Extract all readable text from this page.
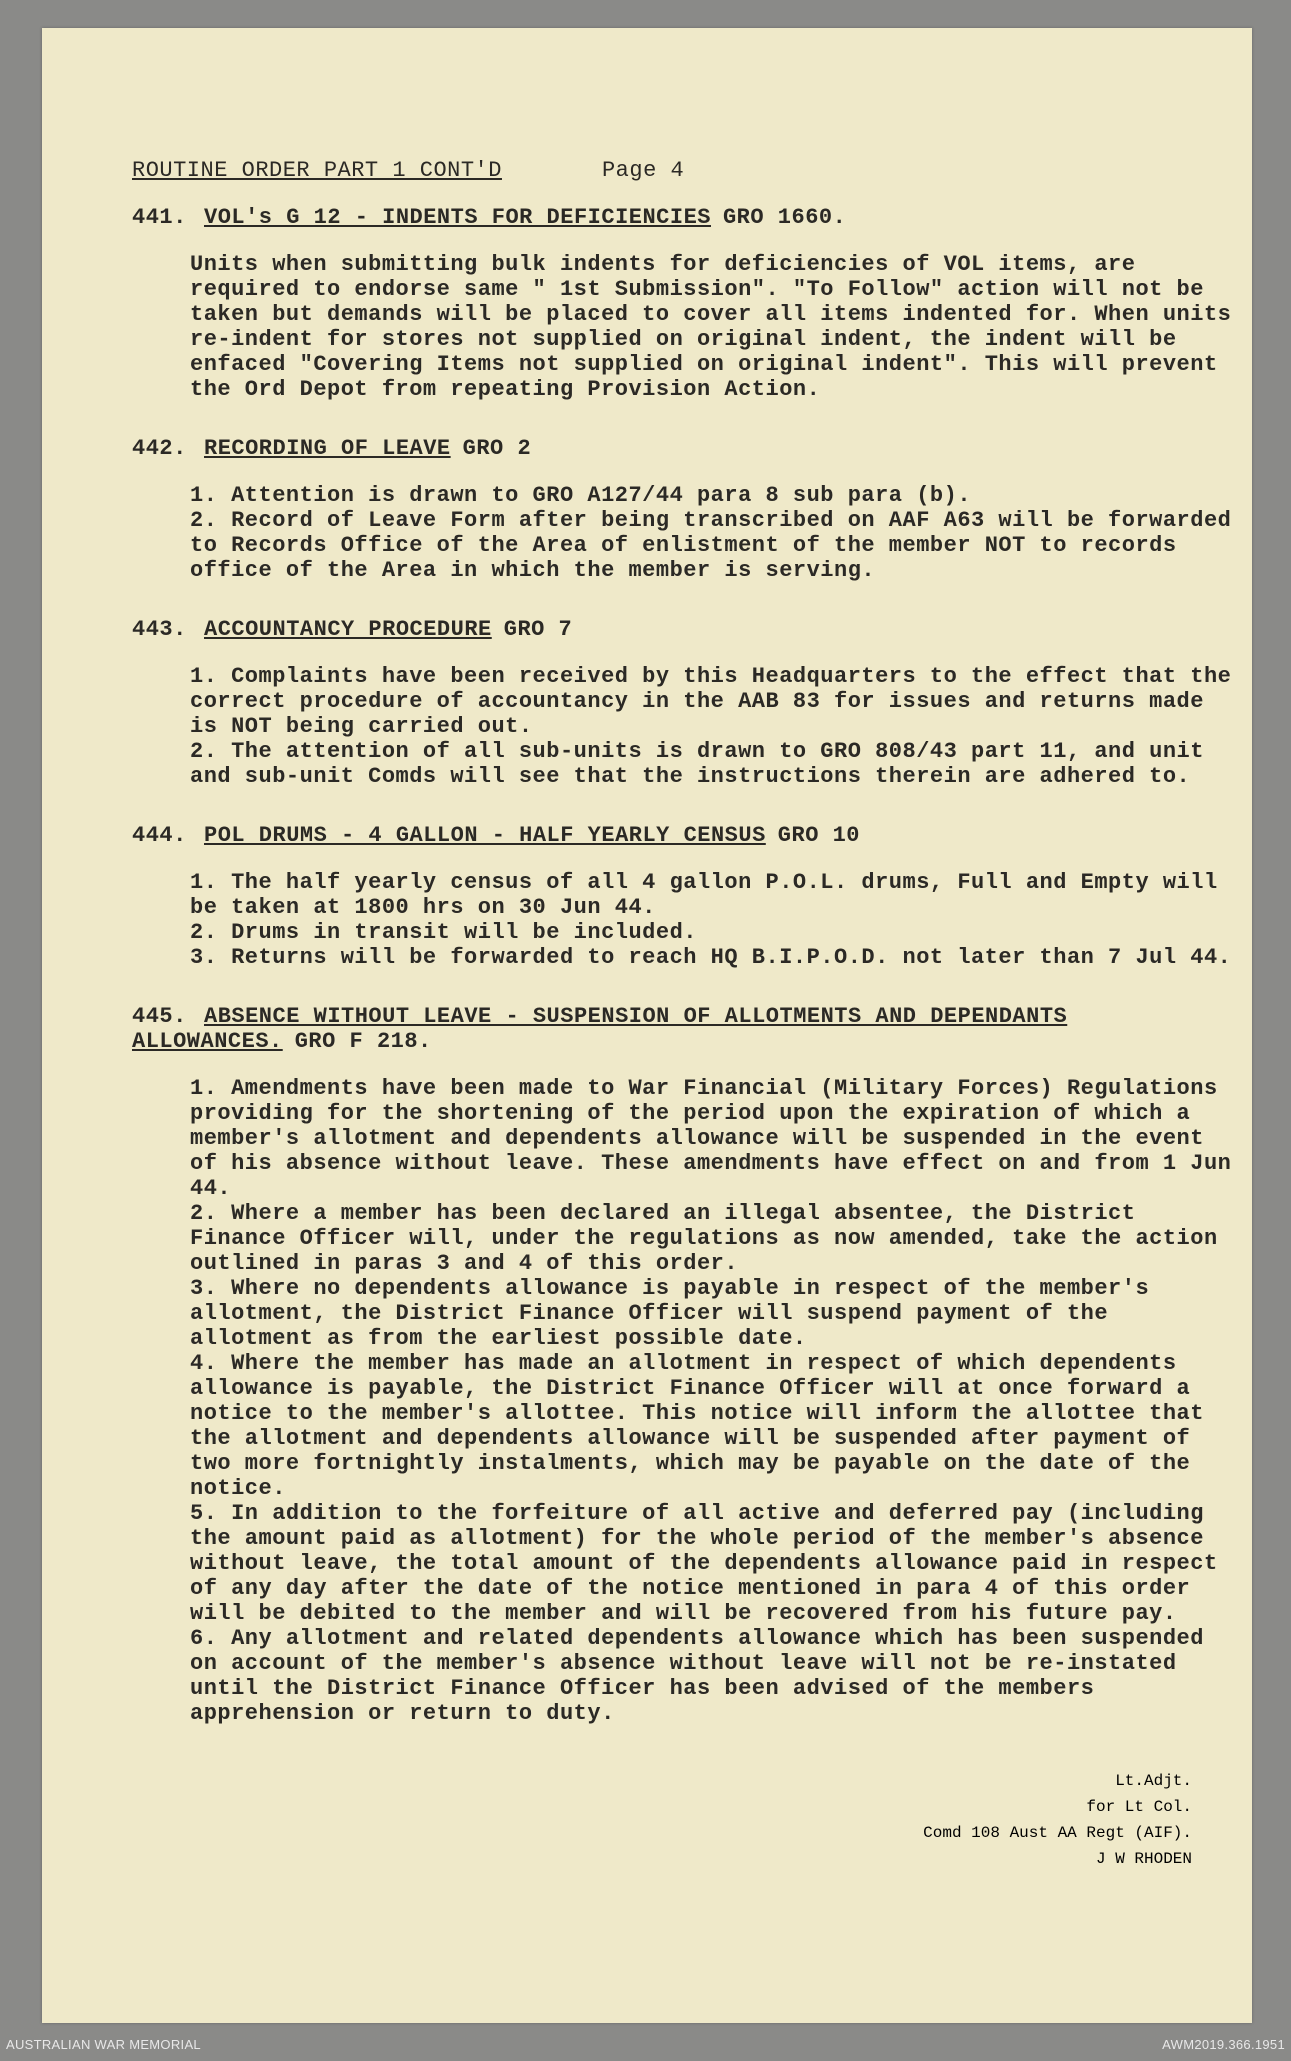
ROUTINE ORDER PART 1 CONT'D	Page 4
441. VOL's G 12 - INDENTS FOR DEFICIENCIES GRO 1660.

Units when submitting bulk indents for deficiencies of VOL items, are required to endorse same " 1st Submission". "To Follow" action will not be taken but demands will be placed to cover all items indented for. When units re-indent for stores not supplied on original indent, the indent will be enfaced "Covering Items not supplied on original indent". This will prevent the Ord Depot from repeating Provision Action.

442. RECORDING OF LEAVE GRO 2

1. Attention is drawn to GRO A127/44 para 8 sub para (b).

2. Record of Leave Form after being transcribed on AAF A63 will be forwarded to Records Office of the Area of enlistment of the member NOT to records office of the Area in which the member is serving.

443. ACCOUNTANCY PROCEDURE GRO 7

1. Complaints have been received by this Headquarters to the effect that the correct procedure of accountancy in the AAB 83 for issues and returns made is NOT being carried out.

2. The attention of all sub-units is drawn to GRO 808/43 part 11, and unit and sub-unit Comds will see that the instructions therein are adhered to.

444. POL DRUMS - 4 GALLON - HALF YEARLY CENSUS GRO 10

1. The half yearly census of all 4 gallon P.O.L. drums, Full and Empty will be taken at 1800 hrs on 30 Jun 44.

2. Drums in transit will be included.

3. Returns will be forwarded to reach HQ B.I.P.O.D. not later than 7 Jul 44.

445. ABSENCE WITHOUT LEAVE - SUSPENSION OF ALLOTMENTS AND DEPENDANTS ALLOWANCES. GRO F 218.

1. Amendments have been made to War Financial (Military Forces) Regulations providing for the shortening of the period upon the expiration of which a member's allotment and dependents allowance will be suspended in the event of his absence without leave. These amendments have effect on and from 1 Jun 44.

2. Where a member has been declared an illegal absentee, the District Finance Officer will, under the regulations as now amended, take the action outlined in paras 3 and 4 of this order.

3. Where no dependents allowance is payable in respect of the member's allotment, the District Finance Officer will suspend payment of the allotment as from the earliest possible date.

4. Where the member has made an allotment in respect of which dependents allowance is payable, the District Finance Officer will at once forward a notice to the member's allottee. This notice will inform the allottee that the allotment and dependents allowance will be suspended after payment of two more fortnightly instalments, which may be payable on the date of the notice.

5. In addition to the forfeiture of all active and deferred pay (including the amount paid as allotment) for the whole period of the member's absence without leave, the total amount of the dependents allowance paid in respect of any day after the date of the notice mentioned in para 4 of this order will be debited to the member and will be recovered from his future pay.

6. Any allotment and related dependents allowance which has been suspended on account of the member's absence without leave will not be re-instated until the District Finance Officer has been advised of the members apprehension or return to duty.

Lt.Adjt.
for Lt Col.
Comd 108 Aust AA Regt (AIF).
J W RHODEN
AUSTRALIAN WAR MEMORIAL	AWM2019.366.1951
